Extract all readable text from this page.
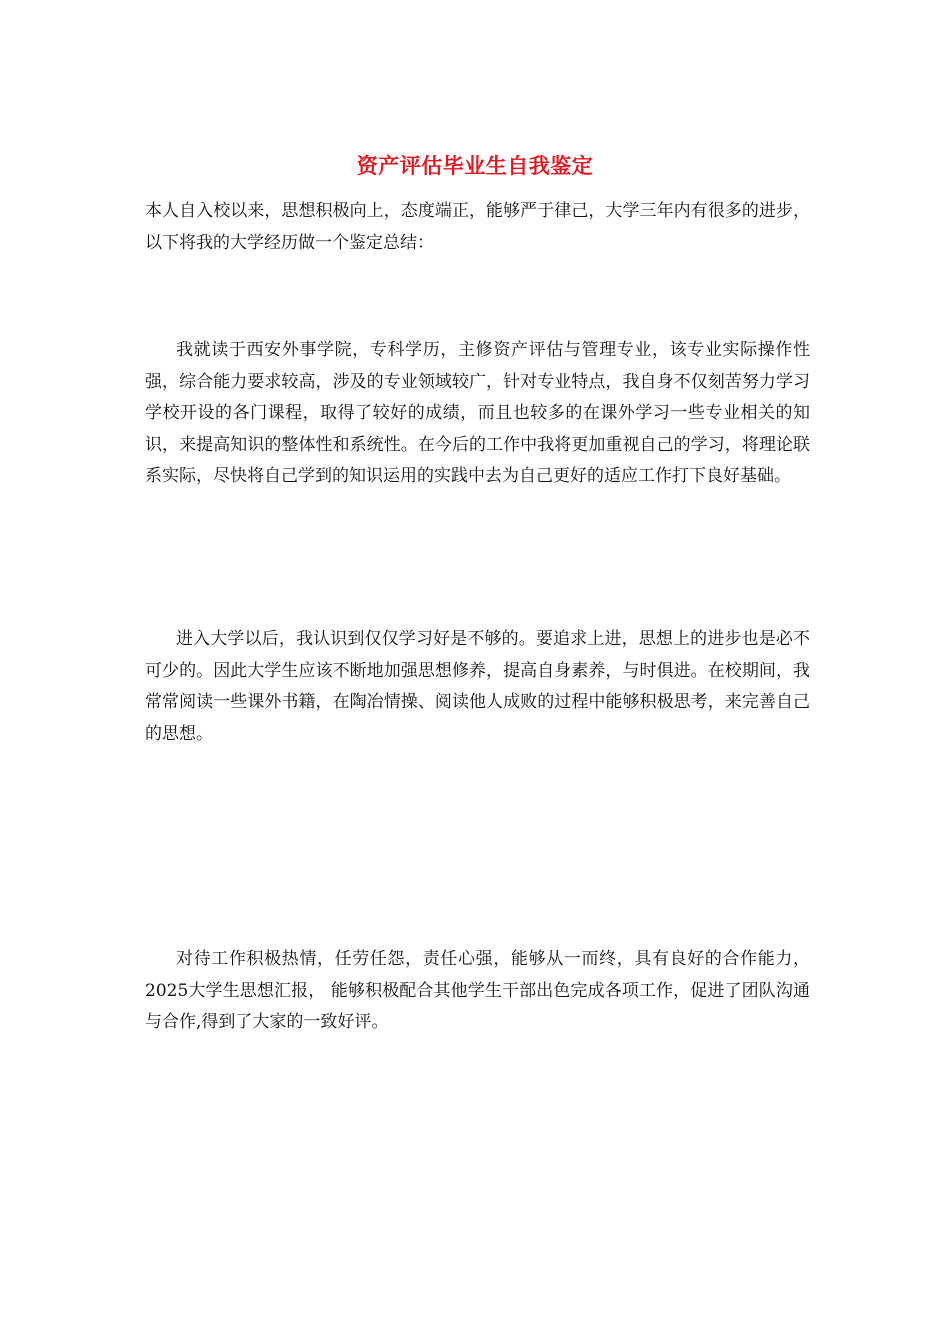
资产评估毕业生自我鉴定

本人自入校以来，思想积极向上，态度端正，能够严于律己，大学三年内有很多的进步，以下将我的大学经历做一个鉴定总结：

我就读于西安外事学院，专科学历，主修资产评估与管理专业，该专业实际操作性强，综合能力要求较高，涉及的专业领域较广，针对专业特点，我自身不仅刻苦努力学习学校开设的各门课程，取得了较好的成绩，而且也较多的在课外学习一些专业相关的知识，来提高知识的整体性和系统性。在今后的工作中我将更加重视自己的学习，将理论联系实际，尽快将自己学到的知识运用的实践中去为自己更好的适应工作打下良好基础。

进入大学以后，我认识到仅仅学习好是不够的。要追求上进，思想上的进步也是必不可少的。因此大学生应该不断地加强思想修养，提高自身素养，与时俱进。在校期间，我常常阅读一些课外书籍，在陶冶情操、阅读他人成败的过程中能够积极思考，来完善自己的思想。

对待工作积极热情，任劳任怨，责任心强，能够从一而终，具有良好的合作能力，2025大学生思想汇报， 能够积极配合其他学生干部出色完成各项工作，促进了团队沟通与合作,得到了大家的一致好评。
